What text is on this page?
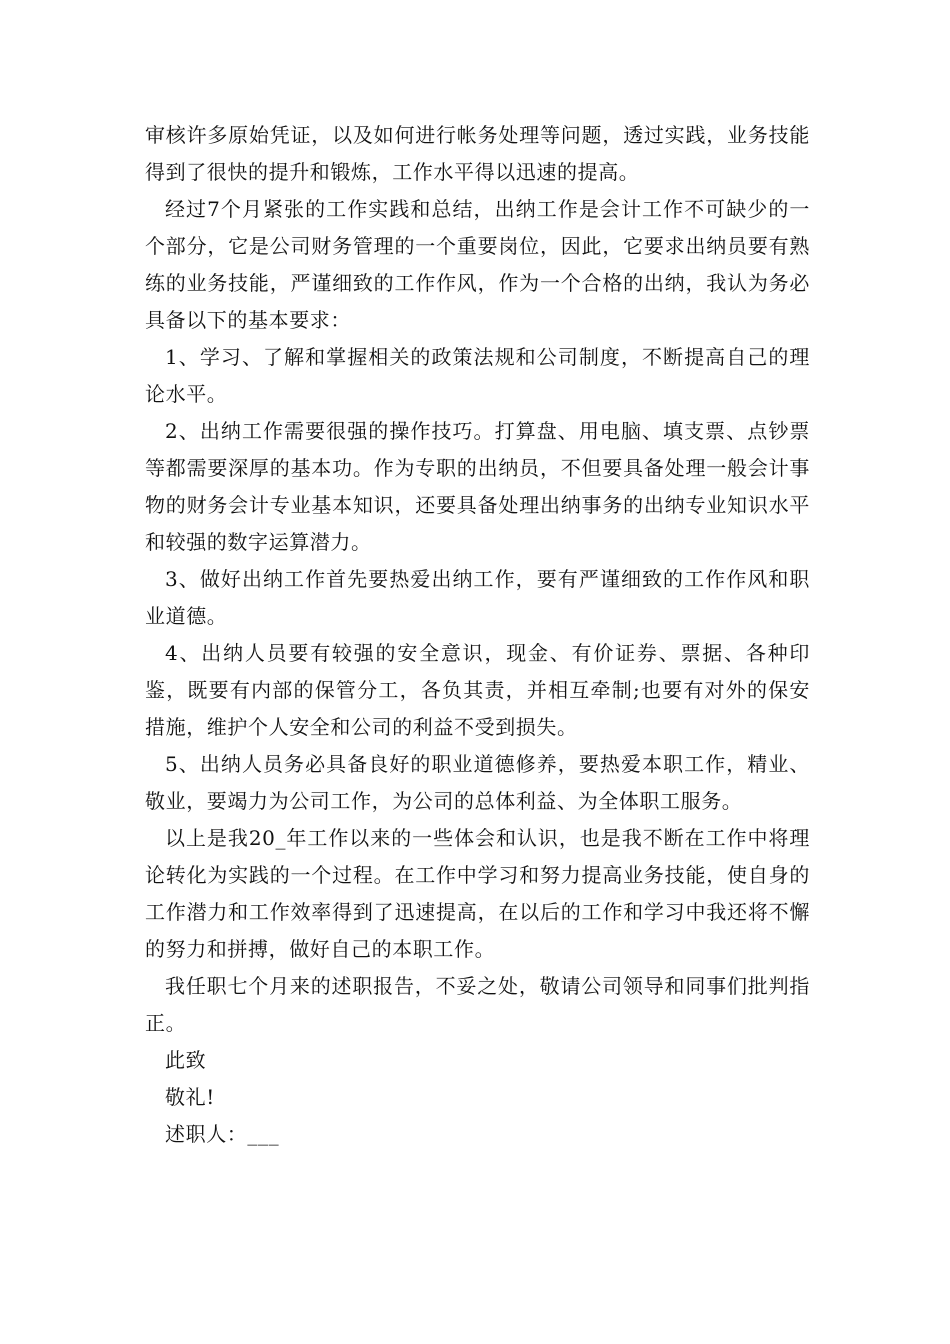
审核许多原始凭证，以及如何进行帐务处理等问题，透过实践，业务技能得到了很快的提升和锻炼，工作水平得以迅速的提高。

经过7个月紧张的工作实践和总结，出纳工作是会计工作不可缺少的一个部分，它是公司财务管理的一个重要岗位，因此，它要求出纳员要有熟练的业务技能，严谨细致的工作作风，作为一个合格的出纳，我认为务必具备以下的基本要求：

1、学习、了解和掌握相关的政策法规和公司制度，不断提高自己的理论水平。

2、出纳工作需要很强的操作技巧。打算盘、用电脑、填支票、点钞票等都需要深厚的基本功。作为专职的出纳员，不但要具备处理一般会计事物的财务会计专业基本知识，还要具备处理出纳事务的出纳专业知识水平和较强的数字运算潜力。

3、做好出纳工作首先要热爱出纳工作，要有严谨细致的工作作风和职业道德。

4、出纳人员要有较强的安全意识，现金、有价证券、票据、各种印鉴，既要有内部的保管分工，各负其责，并相互牵制;也要有对外的保安措施，维护个人安全和公司的利益不受到损失。

5、出纳人员务必具备良好的职业道德修养，要热爱本职工作，精业、敬业，要竭力为公司工作，为公司的总体利益、为全体职工服务。

以上是我20_年工作以来的一些体会和认识，也是我不断在工作中将理论转化为实践的一个过程。在工作中学习和努力提高业务技能，使自身的工作潜力和工作效率得到了迅速提高，在以后的工作和学习中我还将不懈的努力和拼搏，做好自己的本职工作。

我任职七个月来的述职报告，不妥之处，敬请公司领导和同事们批判指正。

此致

敬礼!

述职人：___
